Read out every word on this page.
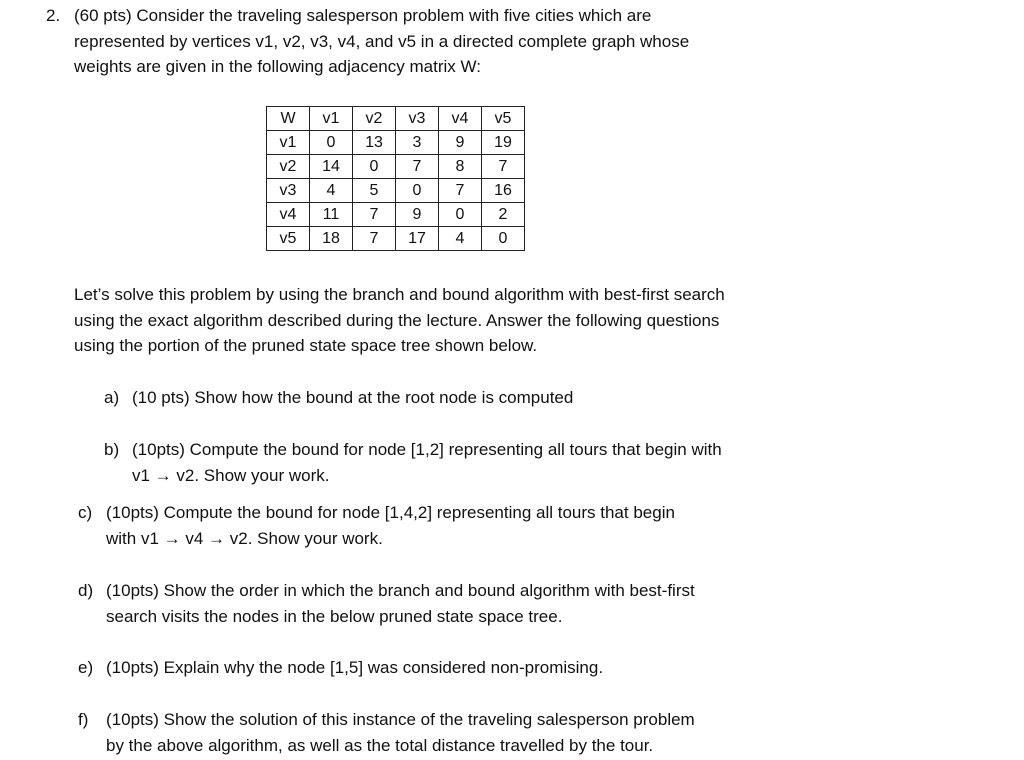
2. (60 pts) Consider the traveling salesperson problem with five cities which are
represented by vertices v1, v2, v3, v4, and v5 in a directed complete graph whose
weights are given in the following adjacency matrix W:
W	v1	v2	v3	v4	v5
v1	0	13	3	9	19
v2	14	0	7	8	7
v3	4	5	0	7	16
v4	11	7	9	0	2
v5	18	7	17	4	0
Let’s solve this problem by using the branch and bound algorithm with best-first search
using the exact algorithm described during the lecture. Answer the following questions
using the portion of the pruned state space tree shown below.
a) (10 pts) Show how the bound at the root node is computed
b) (10pts) Compute the bound for node [1,2] representing all tours that begin with
v1 → v2. Show your work.
c) (10pts) Compute the bound for node [1,4,2] representing all tours that begin
with v1 → v4 → v2. Show your work.
d) (10pts) Show the order in which the branch and bound algorithm with best-first
search visits the nodes in the below pruned state space tree.
e) (10pts) Explain why the node [1,5] was considered non-promising.
f) (10pts) Show the solution of this instance of the traveling salesperson problem
by the above algorithm, as well as the total distance travelled by the tour.
